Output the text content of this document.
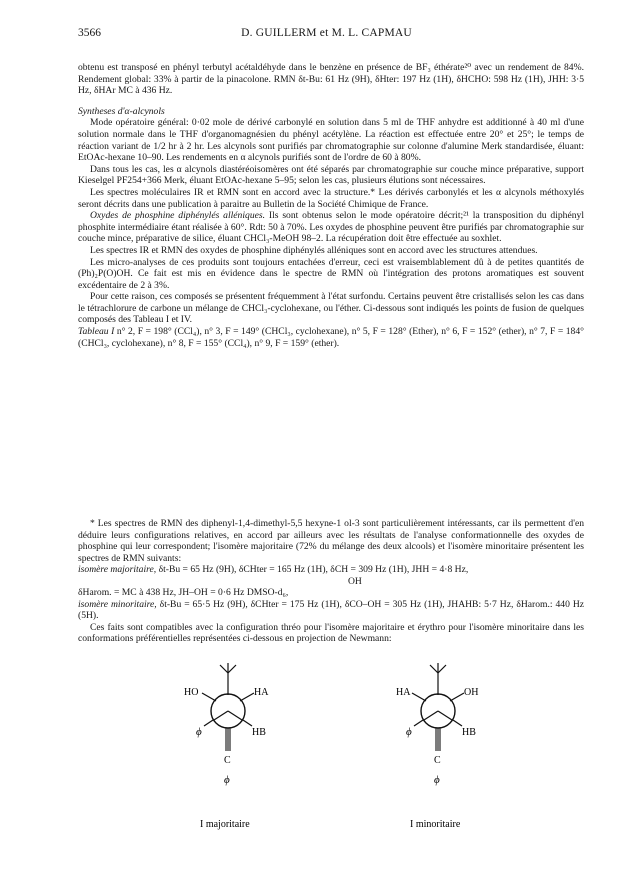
3566	D. GUILLERM et M. L. CAPMAU

obtenu est transposé en phényl terbutyl acétaldéhyde dans le benzène en présence de BF₃ éthérate²⁰ avec un rendement de 84%. Rendement global: 33% à partir de la pinacolone. RMN δt-Bu: 61 Hz (9H), δHter: 197 Hz (1H), δHCHO: 598 Hz (1H), JHH: 3·5 Hz, δHAr MC à 436 Hz.

Syntheses d'α-alcynols

Mode opératoire général: 0·02 mole de dérivé carbonylé en solution dans 5 ml de THF anhydre est additionné à 40 ml d'une solution normale dans le THF d'organomagnésien du phényl acétylène. La réaction est effectuée entre 20° et 25°; le temps de réaction variant de 1/2 hr à 2 hr. Les alcynols sont purifiés par chromatographie sur colonne d'alumine Merk standardisée, éluant: EtOAc-hexane 10–90. Les rendements en α alcynols purifiés sont de l'ordre de 60 à 80%.

Dans tous les cas, les α alcynols diastéréoisomères ont été séparés par chromatographie sur couche mince préparative, support Kieselgel PF254+366 Merk, éluant EtOAc-hexane 5–95; selon les cas, plusieurs élutions sont nécessaires.

Les spectres moléculaires IR et RMN sont en accord avec la structure.* Les dérivés carbonylés et les α alcynols méthoxylés seront décrits dans une publication à paraitre au Bulletin de la Société Chimique de France.

Oxydes de phosphine diphénylés alléniques. Ils sont obtenus selon le mode opératoire décrit;²¹ la transposition du diphényl phosphite intermédiaire étant réalisée à 60°. Rdt: 50 à 70%. Les oxydes de phosphine peuvent être purifiés par chromatographie sur couche mince, préparative de silice, éluant CHCl₃-MeOH 98–2. La récupération doit être effectuée au soxhlet.

Les spectres IR et RMN des oxydes de phosphine diphénylés alléniques sont en accord avec les structures attendues.

Les micro-analyses de ces produits sont toujours entachées d'erreur, ceci est vraisemblablement dû à de petites quantités de (Ph)₂P(O)OH. Ce fait est mis en évidence dans le spectre de RMN où l'intégration des protons aromatiques est souvent excédentaire de 2 à 3%.

Pour cette raison, ces composés se présentent fréquemment à l'état surfondu. Certains peuvent être cristallisés selon les cas dans le tétrachlorure de carbone un mélange de CHCl₃-cyclohexane, ou l'éther. Ci-dessous sont indiqués les points de fusion de quelques composés des Tableau I et IV.

Tableau I n° 2, F = 198° (CCl₄), n° 3, F = 149° (CHCl₃, cyclohexane), n° 5, F = 128° (Ether), n° 6, F = 152° (ether), n° 7, F = 184° (CHCl₃, cyclohexane), n° 8, F = 155° (CCl₄), n° 9, F = 159° (ether).

* Les spectres de RMN des diphenyl-1,4-dimethyl-5,5 hexyne-1 ol-3 sont particulièrement intéressants, car ils permettent d'en déduire leurs configurations relatives, en accord par ailleurs avec les résultats de l'analyse conformationnelle des oxydes de phosphine qui leur correspondent; l'isomère majoritaire (72% du mélange des deux alcools) et l'isomère minoritaire présentent les spectres de RMN suivants:

isomère majoritaire, δt-Bu = 65 Hz (9H), δCHter = 165 Hz (1H), δCH = 309 Hz (1H), JHH = 4·8 Hz,

OH

δHarom. = MC à 438 Hz, JH–OH = 0·6 Hz DMSO-d₆,

isomère minoritaire, δt-Bu = 65·5 Hz (9H), δCHter = 175 Hz (1H), δCO–OH = 305 Hz (1H), JHAHB: 5·7 Hz, δHarom.: 440 Hz (5H).

Ces faits sont compatibles avec la configuration thréo pour l'isomère majoritaire et érythro pour l'isomère minoritaire dans les conformations préférentielles représentées ci-dessous en projection de Newmann:

HO	HA
ϕ	HB
C
ϕ
I majoritaire
HA	OH
ϕ	HB
C
ϕ
I minoritaire
